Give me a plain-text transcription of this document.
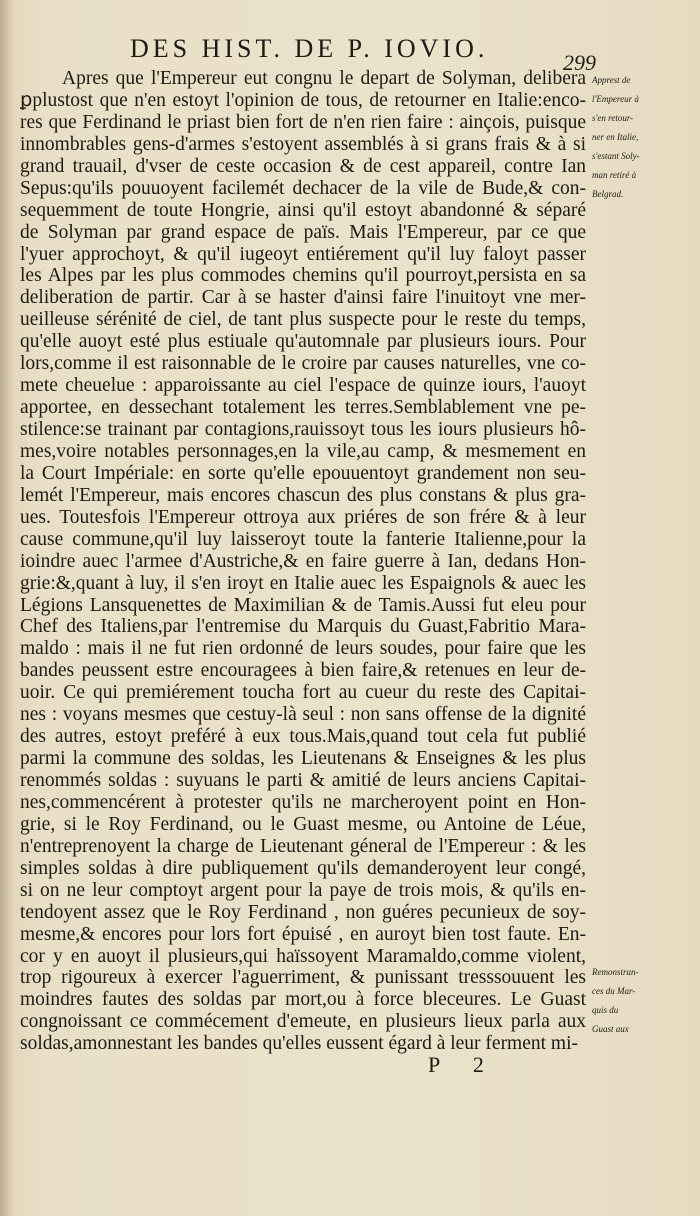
DES HIST. DE P. IOVIO.	299
Apres que l'Empereur eut congnu le depart de Solyman, delibera
ꝑplustost que n'en estoyt l'opinion de tous, de retourner en Italie:enco-
res que Ferdinand le priast bien fort de n'en rien faire : ainçois, puisque
innombrables gens-d'armes s'estoyent assemblés à si grans frais & à si
grand trauail, d'vser de ceste occasion & de cest appareil, contre Ian
Sepus:qu'ils pouuoyent facilemét dechacer de la vile de Bude,& con-
sequemment de toute Hongrie, ainsi qu'il estoyt abandonné & séparé
de Solyman par grand espace de païs. Mais l'Empereur, par ce que
l'yuer approchoyt, & qu'il iugeoyt entiérement qu'il luy faloyt passer
les Alpes par les plus commodes chemins qu'il pourroyt,persista en sa
deliberation de partir. Car à se haster d'ainsi faire l'inuitoyt vne mer-
ueilleuse sérénité de ciel, de tant plus suspecte pour le reste du temps,
qu'elle auoyt esté plus estiuale qu'automnale par plusieurs iours. Pour
lors,comme il est raisonnable de le croire par causes naturelles, vne co-
mete cheuelue : apparoissante au ciel l'espace de quinze iours, l'auoyt
apportee, en dessechant totalement les terres.Semblablement vne pe-
stilence:se trainant par contagions,rauissoyt tous les iours plusieurs hô-
mes,voire notables personnages,en la vile,au camp, & mesmement en
la Court Impériale: en sorte qu'elle epouuentoyt grandement non seu-
lemét l'Empereur, mais encores chascun des plus constans & plus gra-
ues. Toutesfois l'Empereur ottroya aux priéres de son frére & à leur
cause commune,qu'il luy laisseroyt toute la fanterie Italienne,pour la
ioindre auec l'armee d'Austriche,& en faire guerre à Ian, dedans Hon-
grie:&,quant à luy, il s'en iroyt en Italie auec les Espaignols & auec les
Légions Lansquenettes de Maximilian & de Tamis.Aussi fut eleu pour
Chef des Italiens,par l'entremise du Marquis du Guast,Fabritio Mara-
maldo : mais il ne fut rien ordonné de leurs soudes, pour faire que les
bandes peussent estre encouragees à bien faire,& retenues en leur de-
uoir. Ce qui premiérement toucha fort au cueur du reste des Capitai-
nes : voyans mesmes que cestuy-là seul : non sans offense de la dignité
des autres, estoyt preféré à eux tous.Mais,quand tout cela fut publié
parmi la commune des soldas, les Lieutenans & Enseignes & les plus
renommés soldas : suyuans le parti & amitié de leurs anciens Capitai-
nes,commencérent à protester qu'ils ne marcheroyent point en Hon-
grie, si le Roy Ferdinand, ou le Guast mesme, ou Antoine de Léue,
n'entreprenoyent la charge de Lieutenant géneral de l'Empereur : & les
simples soldas à dire publiquement qu'ils demanderoyent leur congé,
si on ne leur comptoyt argent pour la paye de trois mois, & qu'ils en-
tendoyent assez que le Roy Ferdinand , non guéres pecunieux de soy-
mesme,& encores pour lors fort épuisé , en auroyt bien tost faute. En-
cor y en auoyt il plusieurs,qui haïssoyent Maramaldo,comme violent,
trop rigoureux à exercer l'aguerriment, & punissant tresssouuent les
moindres fautes des soldas par mort,ou à force bleceures. Le Guast
congnoissant ce commécement d'emeute, en plusieurs lieux parla aux
soldas,amonnestant les bandes qu'elles eussent égard à leur ferment mi-
Apprest de
l'Empereur à
s'en retour-
ner en Italie,
s'estant Soly-
man retiré à
Belgrad.
Remonstran-
ces du Mar-
quis du
Guast aux
P 2
